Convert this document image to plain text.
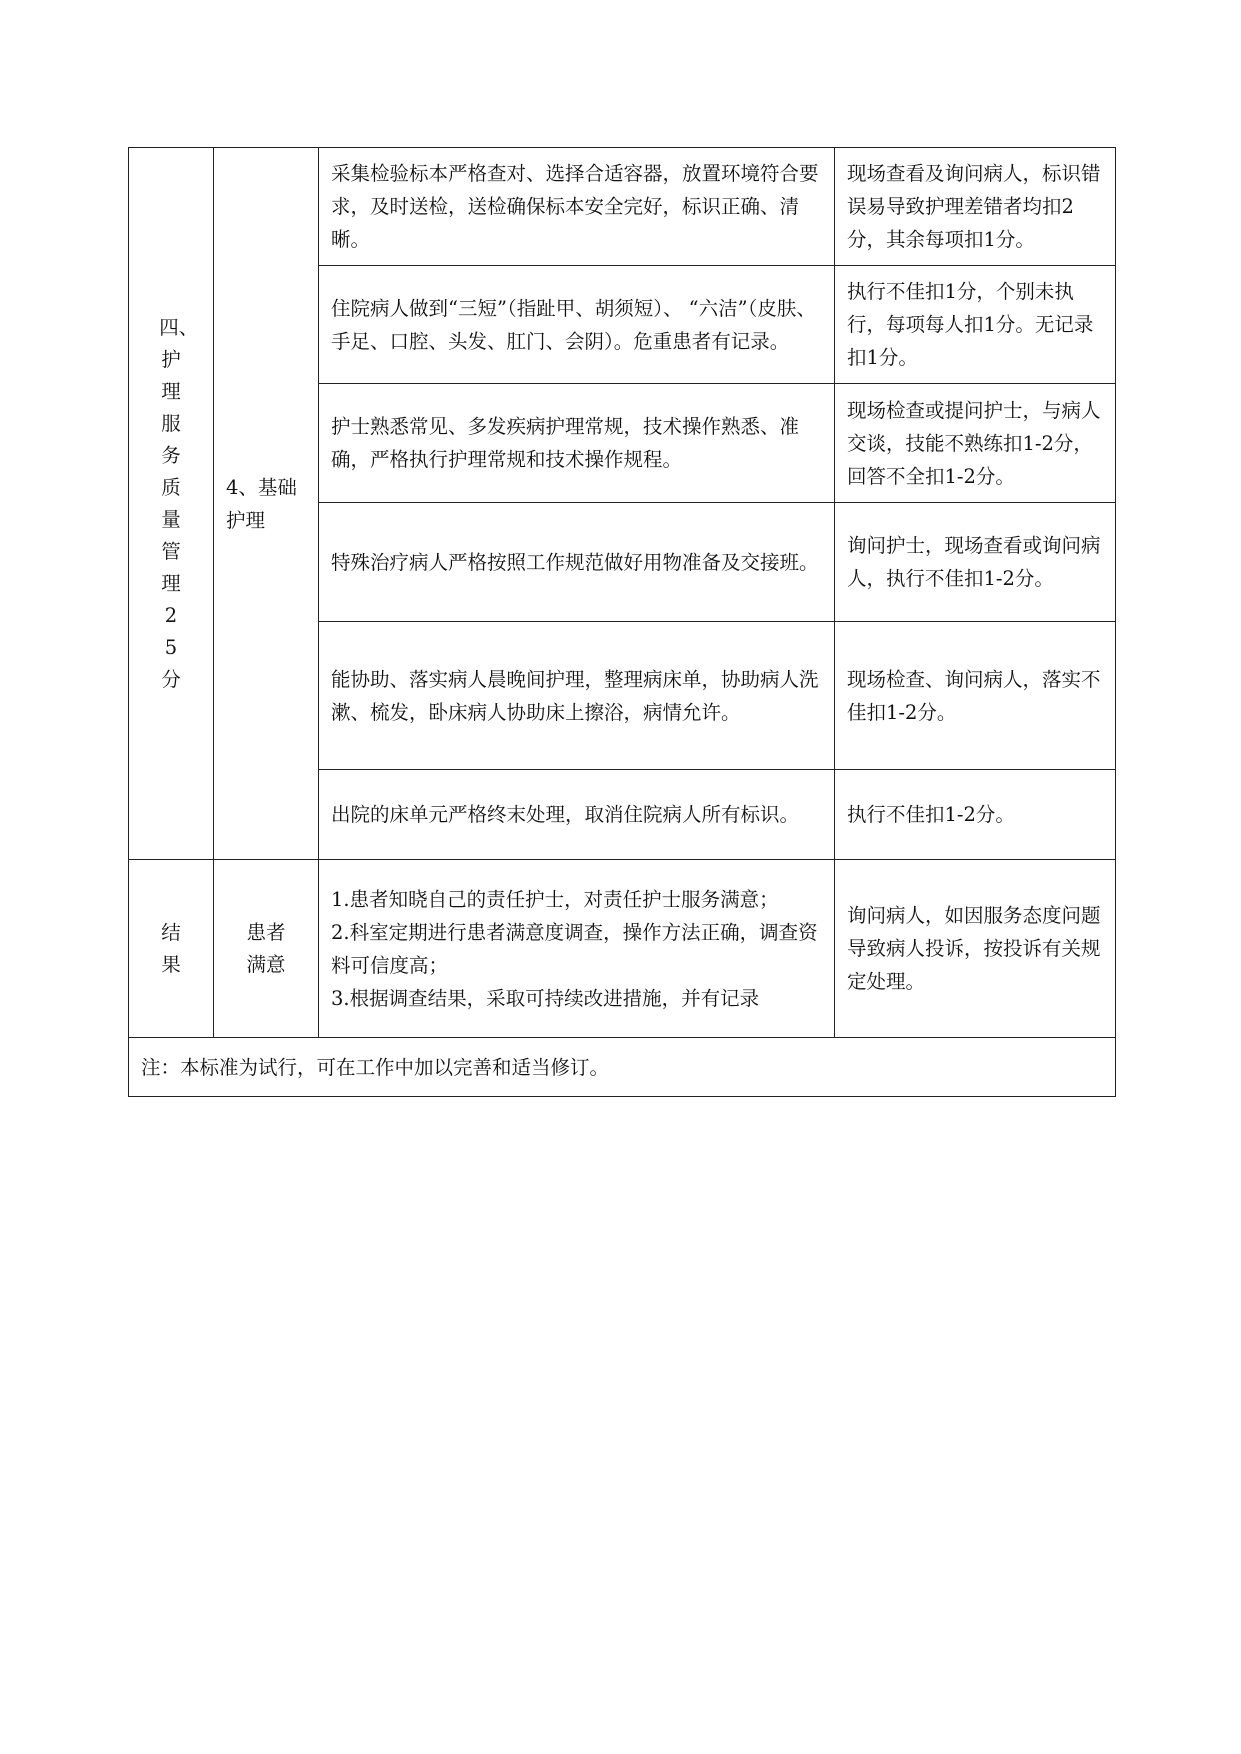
四、护理服务质量管理25分	4、基础护理	采集检验标本严格查对、选择合适容器，放置环境符合要求，及时送检，送检确保标本安全完好，标识正确、清晰。	现场查看及询问病人，标识错误易导致护理差错者均扣2分，其余每项扣1分。

		住院病人做到“三短”（指趾甲、胡须短）、 “六洁”（皮肤、手足、口腔、头发、肛门、会阴）。危重患者有记录。	执行不佳扣1分，个别未执行，每项每人扣1分。无记录扣1分。

		护士熟悉常见、多发疾病护理常规，技术操作熟悉、准确，严格执行护理常规和技术操作规程。	现场检查或提问护士，与病人交谈，技能不熟练扣1-2分，回答不全扣1-2分。

		特殊治疗病人严格按照工作规范做好用物准备及交接班。	询问护士，现场查看或询问病人，执行不佳扣1-2分。

		能协助、落实病人晨晚间护理，整理病床单，协助病人洗漱、梳发，卧床病人协助床上擦浴，病情允许。	现场检查、询问病人，落实不佳扣1-2分。

		出院的床单元严格终末处理，取消住院病人所有标识。	执行不佳扣1-2分。

结果	患者满意	1.患者知晓自己的责任护士，对责任护士服务满意；
2.科室定期进行患者满意度调查，操作方法正确，调查资料可信度高；
3.根据调查结果，采取可持续改进措施，并有记录	询问病人，如因服务态度问题导致病人投诉，按投诉有关规定处理。

注：本标准为试行，可在工作中加以完善和适当修订。			
